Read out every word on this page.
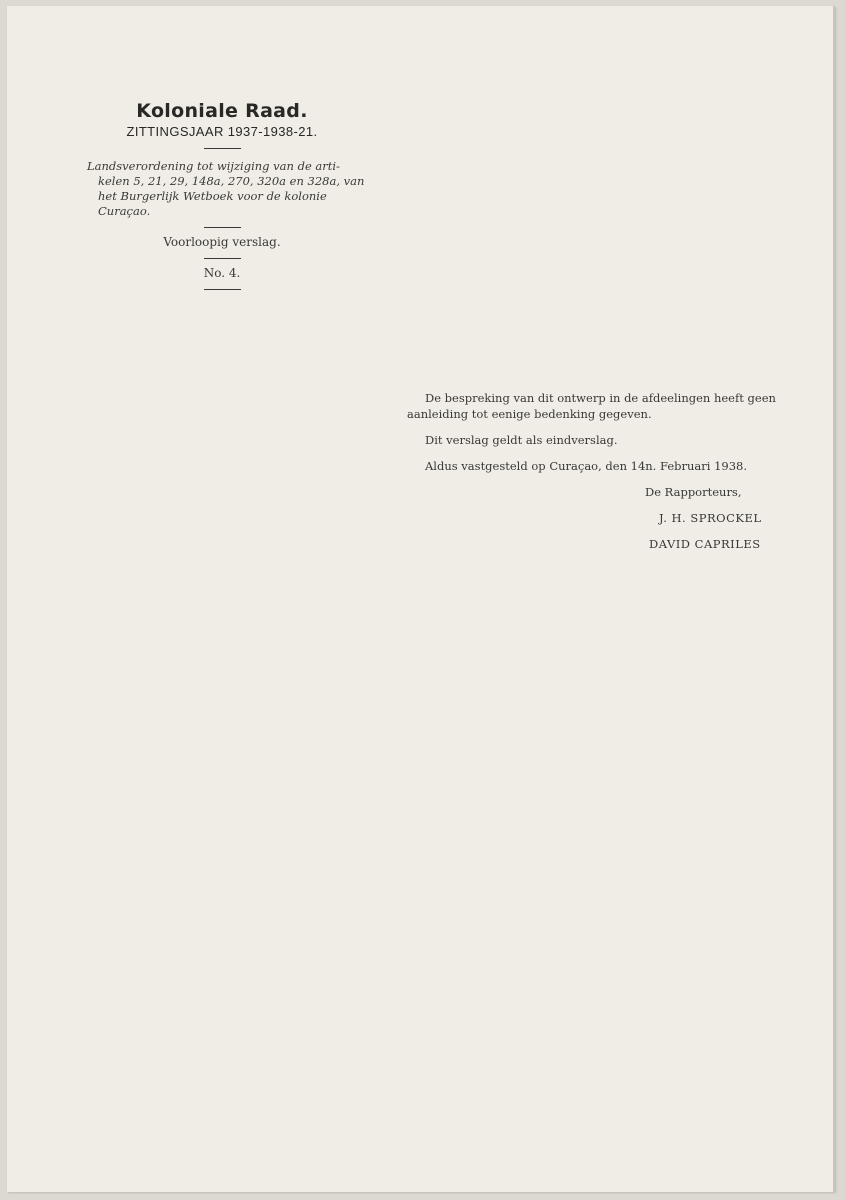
Koloniale Raad.

ZITTINGSJAAR 1937-1938-21.

Landsverordening tot wijziging van de arti-
kelen 5, 21, 29, 148a, 270, 320a en 328a, van
het Burgerlijk Wetboek voor de kolonie
Curaçao.

Voorloopig verslag.

No. 4.

De bespreking van dit ontwerp in de afdeelingen heeft geen
aanleiding tot eenige bedenking gegeven.

Dit verslag geldt als eindverslag.

Aldus vastgesteld op Curaçao, den 14n. Februari 1938.

De Rapporteurs,

J. H. SPROCKEL

DAVID CAPRILES
